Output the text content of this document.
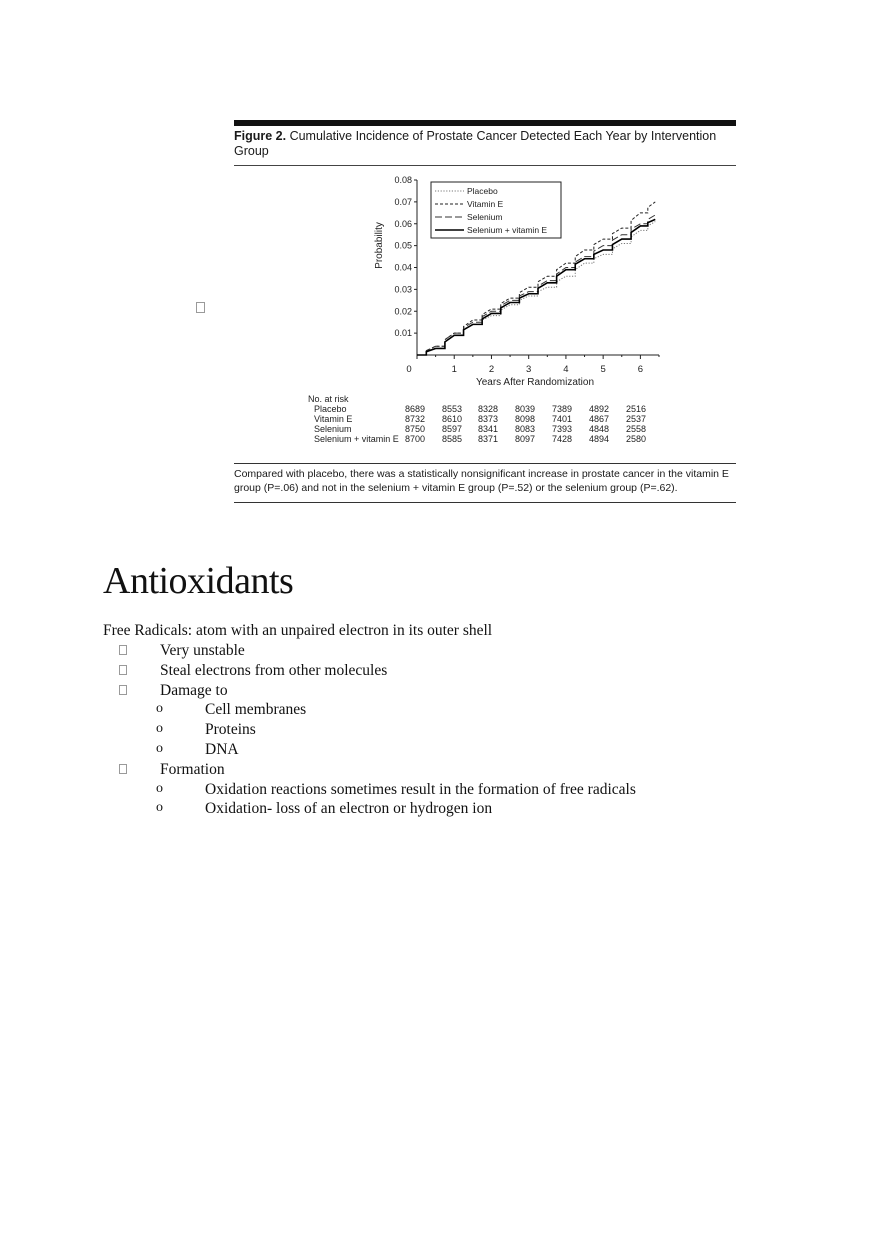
Figure 2. Cumulative Incidence of Prostate Cancer Detected Each Year by Intervention Group
0.01
0.02
0.03
0.04
0.05
0.06
0.07
0.08
0	1	2	3	4	5	6
Years After Randomization
Probability
Placebo
Vitamin E
Selenium
Selenium + vitamin E
No. at risk
Placebo	8689	8553	8328	8039	7389	4892	2516
Vitamin E	8732	8610	8373	8098	7401	4867	2537
Selenium	8750	8597	8341	8083	7393	4848	2558
Selenium + vitamin E 8700	8585	8371	8097	7428	4894	2580
Compared with placebo, there was a statistically nonsignificant increase in prostate cancer in the vitamin E group (P=.06) and not in the selenium + vitamin E group (P=.52) or the selenium group (P=.62).
Antioxidants
Free Radicals: atom with an unpaired electron in its outer shell
Very unstable
Steal electrons from other molecules
Damage to
o	Cell membranes
o	Proteins
o	DNA
Formation
o	Oxidation reactions sometimes result in the formation of free radicals
o	Oxidation- loss of an electron or hydrogen ion
